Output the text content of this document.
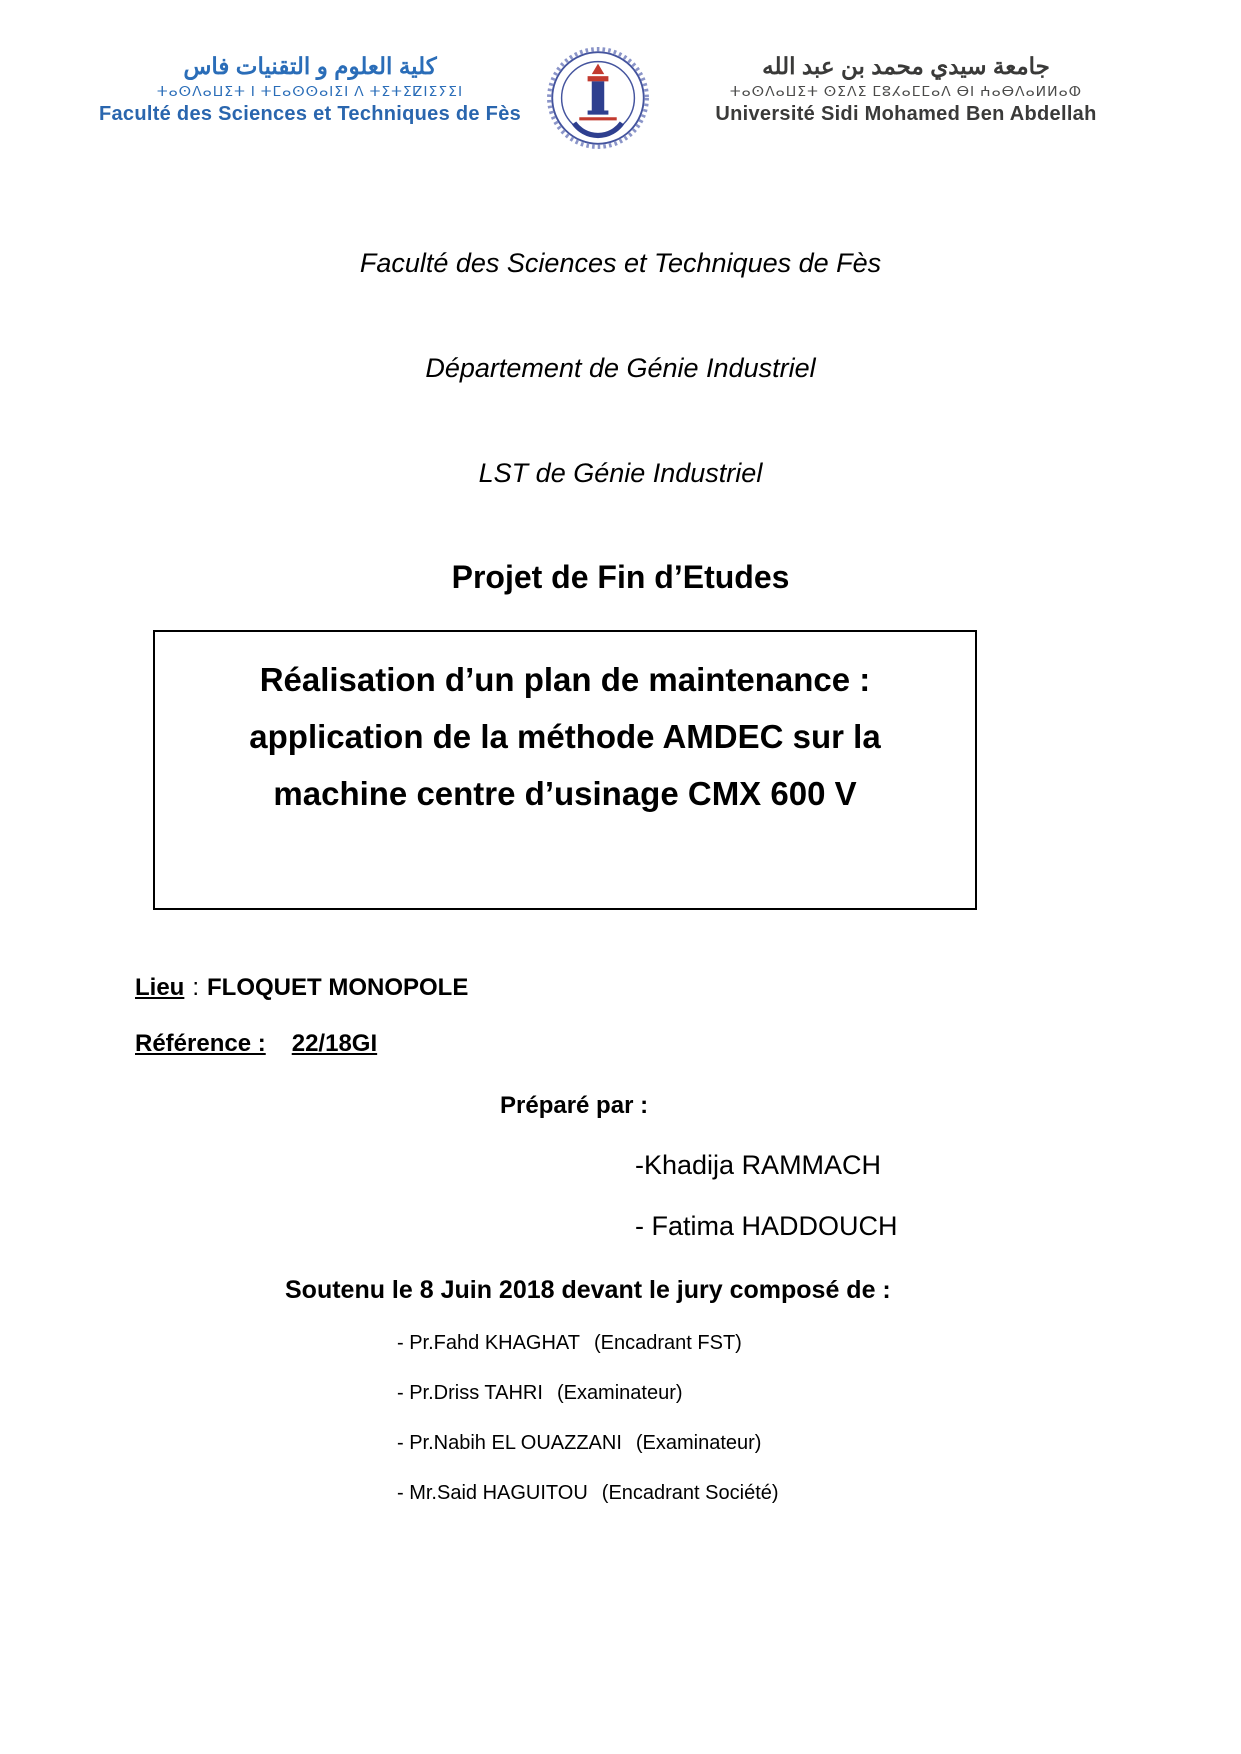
كلية العلوم و التقنيات فاس
ⵜⴰⵙⴷⴰⵡⵉⵜ ⵏ ⵜⵎⴰⵙⵙⴰⵏⵉⵏ ⴷ ⵜⵉⵜⵉⵇⵏⵉⵢⵉⵏ
Faculté des Sciences et Techniques de Fès
جامعة سيدي محمد بن عبد الله
ⵜⴰⵙⴷⴰⵡⵉⵜ ⵙⵉⴷⵉ ⵎⵓⵃⴰⵎⵎⴰⴷ ⴱⵏ ⵄⴰⴱⴷⴰⵍⵍⴰⵀ
Université Sidi Mohamed Ben Abdellah

Faculté des Sciences et Techniques de Fès

Département de Génie Industriel

LST de Génie Industriel

Projet de Fin d’Etudes

Réalisation d’un plan de maintenance : application de la méthode AMDEC sur la machine centre d’usinage CMX 600 V

Lieu : FLOQUET MONOPOLE

Référence : 22/18GI

Préparé par :

-Khadija RAMMACH

- Fatima HADDOUCH

Soutenu le 8 Juin 2018 devant le jury composé de :

- Pr.Fahd KHAGHAT (Encadrant FST)

- Pr.Driss TAHRI (Examinateur)

- Pr.Nabih EL OUAZZANI (Examinateur)

- Mr.Said HAGUITOU (Encadrant Société)
